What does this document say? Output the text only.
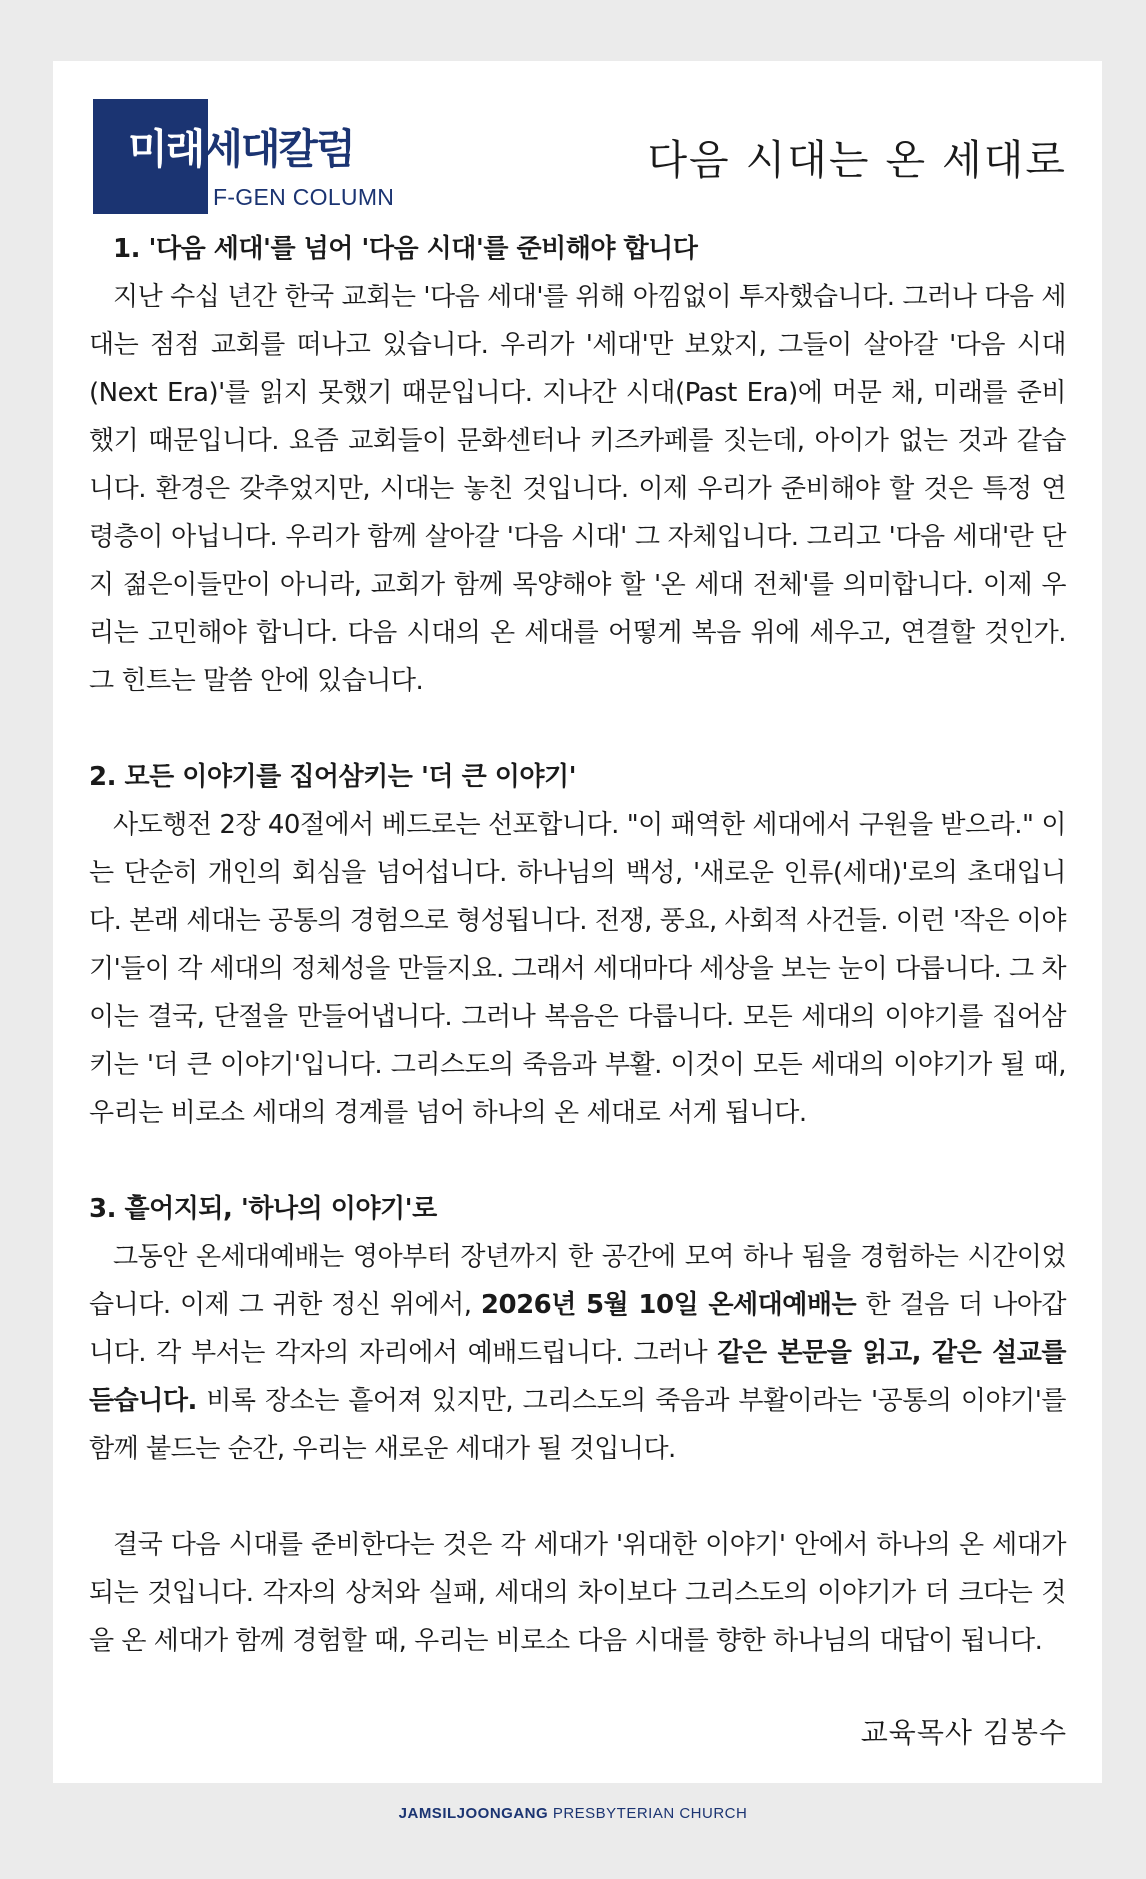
미래세대칼럼
F-GEN COLUMN
다음 시대는 온 세대로
1. '다음 세대'를 넘어 '다음 시대'를 준비해야 합니다

지난 수십 년간 한국 교회는 '다음 세대'를 위해 아낌없이 투자했습니다. 그러나 다음 세대는 점점 교회를 떠나고 있습니다. 우리가 '세대'만 보았지, 그들이 살아갈 '다음 시대(Next Era)'를 읽지 못했기 때문입니다. 지나간 시대(Past Era)에 머문 채, 미래를 준비했기 때문입니다. 요즘 교회들이 문화센터나 키즈카페를 짓는데, 아이가 없는 것과 같습니다. 환경은 갖추었지만, 시대는 놓친 것입니다. 이제 우리가 준비해야 할 것은 특정 연령층이 아닙니다. 우리가 함께 살아갈 '다음 시대' 그 자체입니다. 그리고 '다음 세대'란 단지 젊은이들만이 아니라, 교회가 함께 목양해야 할 '온 세대 전체'를 의미합니다. 이제 우리는 고민해야 합니다. 다음 시대의 온 세대를 어떻게 복음 위에 세우고, 연결할 것인가. 그 힌트는 말씀 안에 있습니다.

2. 모든 이야기를 집어삼키는 '더 큰 이야기'

사도행전 2장 40절에서 베드로는 선포합니다. "이 패역한 세대에서 구원을 받으라." 이는 단순히 개인의 회심을 넘어섭니다. 하나님의 백성, '새로운 인류(세대)'로의 초대입니다. 본래 세대는 공통의 경험으로 형성됩니다. 전쟁, 풍요, 사회적 사건들. 이런 '작은 이야기'들이 각 세대의 정체성을 만들지요. 그래서 세대마다 세상을 보는 눈이 다릅니다. 그 차이는 결국, 단절을 만들어냅니다. 그러나 복음은 다릅니다. 모든 세대의 이야기를 집어삼키는 '더 큰 이야기'입니다. 그리스도의 죽음과 부활. 이것이 모든 세대의 이야기가 될 때, 우리는 비로소 세대의 경계를 넘어 하나의 온 세대로 서게 됩니다.

3. 흩어지되, '하나의 이야기'로

그동안 온세대예배는 영아부터 장년까지 한 공간에 모여 하나 됨을 경험하는 시간이었습니다. 이제 그 귀한 정신 위에서, 2026년 5월 10일 온세대예배는 한 걸음 더 나아갑니다. 각 부서는 각자의 자리에서 예배드립니다. 그러나 같은 본문을 읽고, 같은 설교를 듣습니다. 비록 장소는 흩어져 있지만, 그리스도의 죽음과 부활이라는 '공통의 이야기'를 함께 붙드는 순간, 우리는 새로운 세대가 될 것입니다.

결국 다음 시대를 준비한다는 것은 각 세대가 '위대한 이야기' 안에서 하나의 온 세대가 되는 것입니다. 각자의 상처와 실패, 세대의 차이보다 그리스도의 이야기가 더 크다는 것을 온 세대가 함께 경험할 때, 우리는 비로소 다음 시대를 향한 하나님의 대답이 됩니다.

교육목사 김봉수
JAMSILJOONGANG PRESBYTERIAN CHURCH
